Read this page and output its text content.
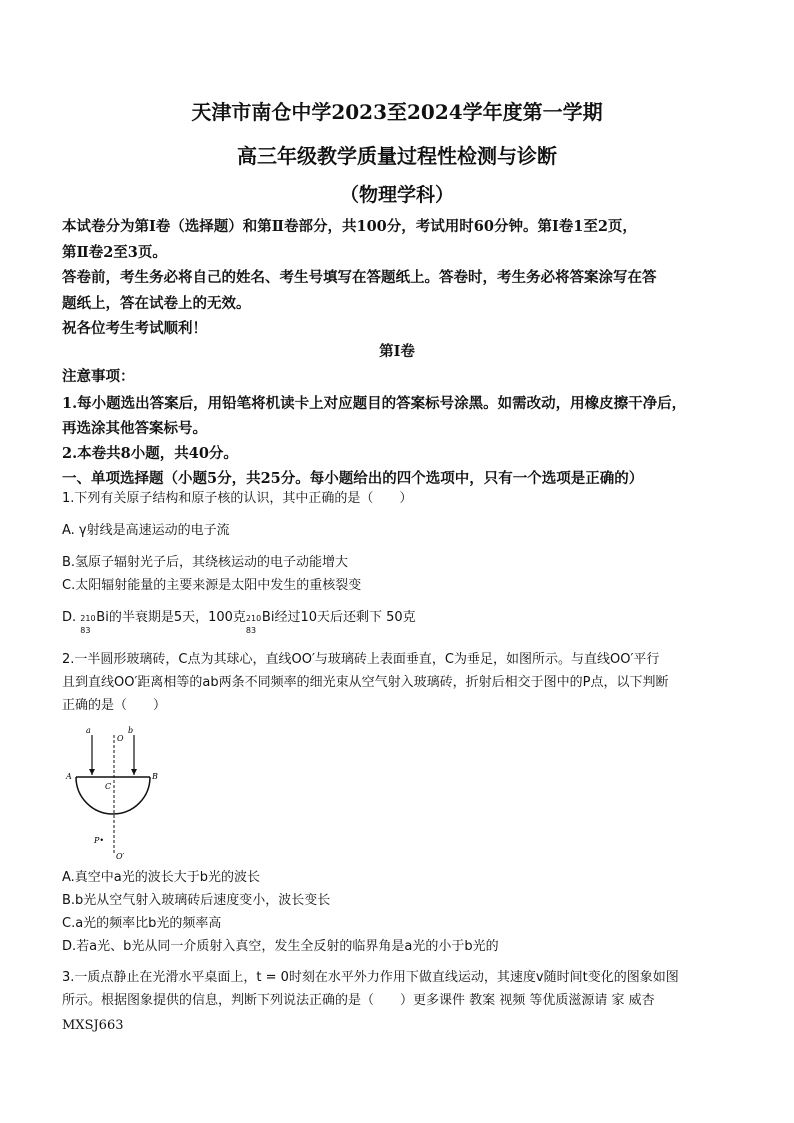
天津市南仓中学2023至2024学年度第一学期
高三年级教学质量过程性检测与诊断
（物理学科）

本试卷分为第Ⅰ卷（选择题）和第Ⅱ卷部分，共100分，考试用时60分钟。第Ⅰ卷1至2页，

第Ⅱ卷2至3页。

答卷前，考生务必将自己的姓名、考生号填写在答题纸上。答卷时，考生务必将答案涂写在答

题纸上，答在试卷上的无效。

祝各位考生考试顺利！

第Ⅰ卷
注意事项：
1.每小题选出答案后，用铅笔将机读卡上对应题目的答案标号涂黑。如需改动，用橡皮擦干净后，
再选涂其他答案标号。
2.本卷共8小题，共40分。
一、单项选择题（小题5分，共25分。每小题给出的四个选项中，只有一个选项是正确的）

1.下列有关原子结构和原子核的认识，其中正确的是（　　）

A. γ射线是高速运动的电子流

B.氢原子辐射光子后，其绕核运动的电子动能增大

C.太阳辐射能量的主要来源是太阳中发生的重核裂变

D. 210
83
Bi的半衰期是5天，100克 210
83
Bi经过10天后还剩下 50克

2.一半圆形玻璃砖，C点为其球心，直线OO′与玻璃砖上表面垂直，C为垂足，如图所示。与直线OO′平行

且到直线OO′距离相等的ab两条不同频率的细光束从空气射入玻璃砖，折射后相交于图中的P点，以下判断

正确的是（　　）

a
O
b
A	B
C
P•
O′

A.真空中a光的波长大于b光的波长

B.b光从空气射入玻璃砖后速度变小，波长变长

C.a光的频率比b光的频率高

D.若a光、b光从同一介质射入真空，发生全反射的临界角是a光的小于b光的

3.一质点静止在光滑水平桌面上，t = 0时刻在水平外力作用下做直线运动，其速度v随时间t变化的图象如图

所示。根据图象提供的信息，判断下列说法正确的是（　　）更多课件 教案 视频 等优质滋源请 家 威杏

MXSJ663
